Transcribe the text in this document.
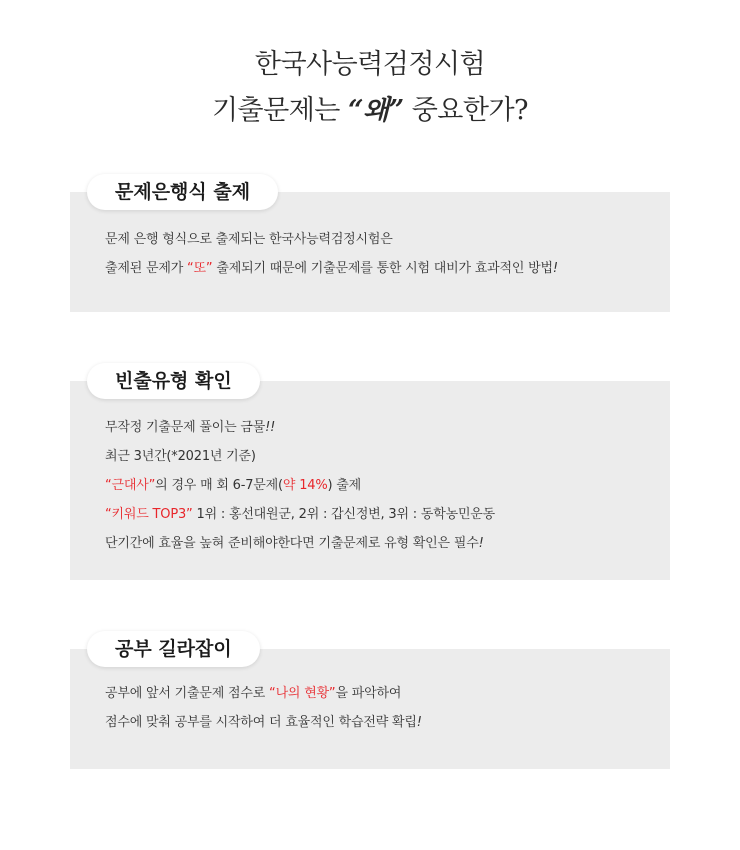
한국사능력검정시험
기출문제는 “왜” 중요한가?
문제 은행 형식으로 출제되는 한국사능력검정시험은
출제된 문제가 “또” 출제되기 때문에 기출문제를 통한 시험 대비가 효과적인 방법!
문제은행식 출제
무작정 기출문제 풀이는 금물!!
최근 3년간(*2021년 기준)
“근대사”의 경우 매 회 6-7문제(약 14%) 출제
“키워드 TOP3” 1위 : 홍선대원군, 2위 : 갑신정변, 3위 : 동학농민운동
단기간에 효율을 높혀 준비해야한다면 기출문제로 유형 확인은 필수!
빈출유형 확인
공부에 앞서 기출문제 점수로 “나의 현황”을 파악하여
점수에 맞춰 공부를 시작하여 더 효율적인 학습전략 확립!
공부 길라잡이
